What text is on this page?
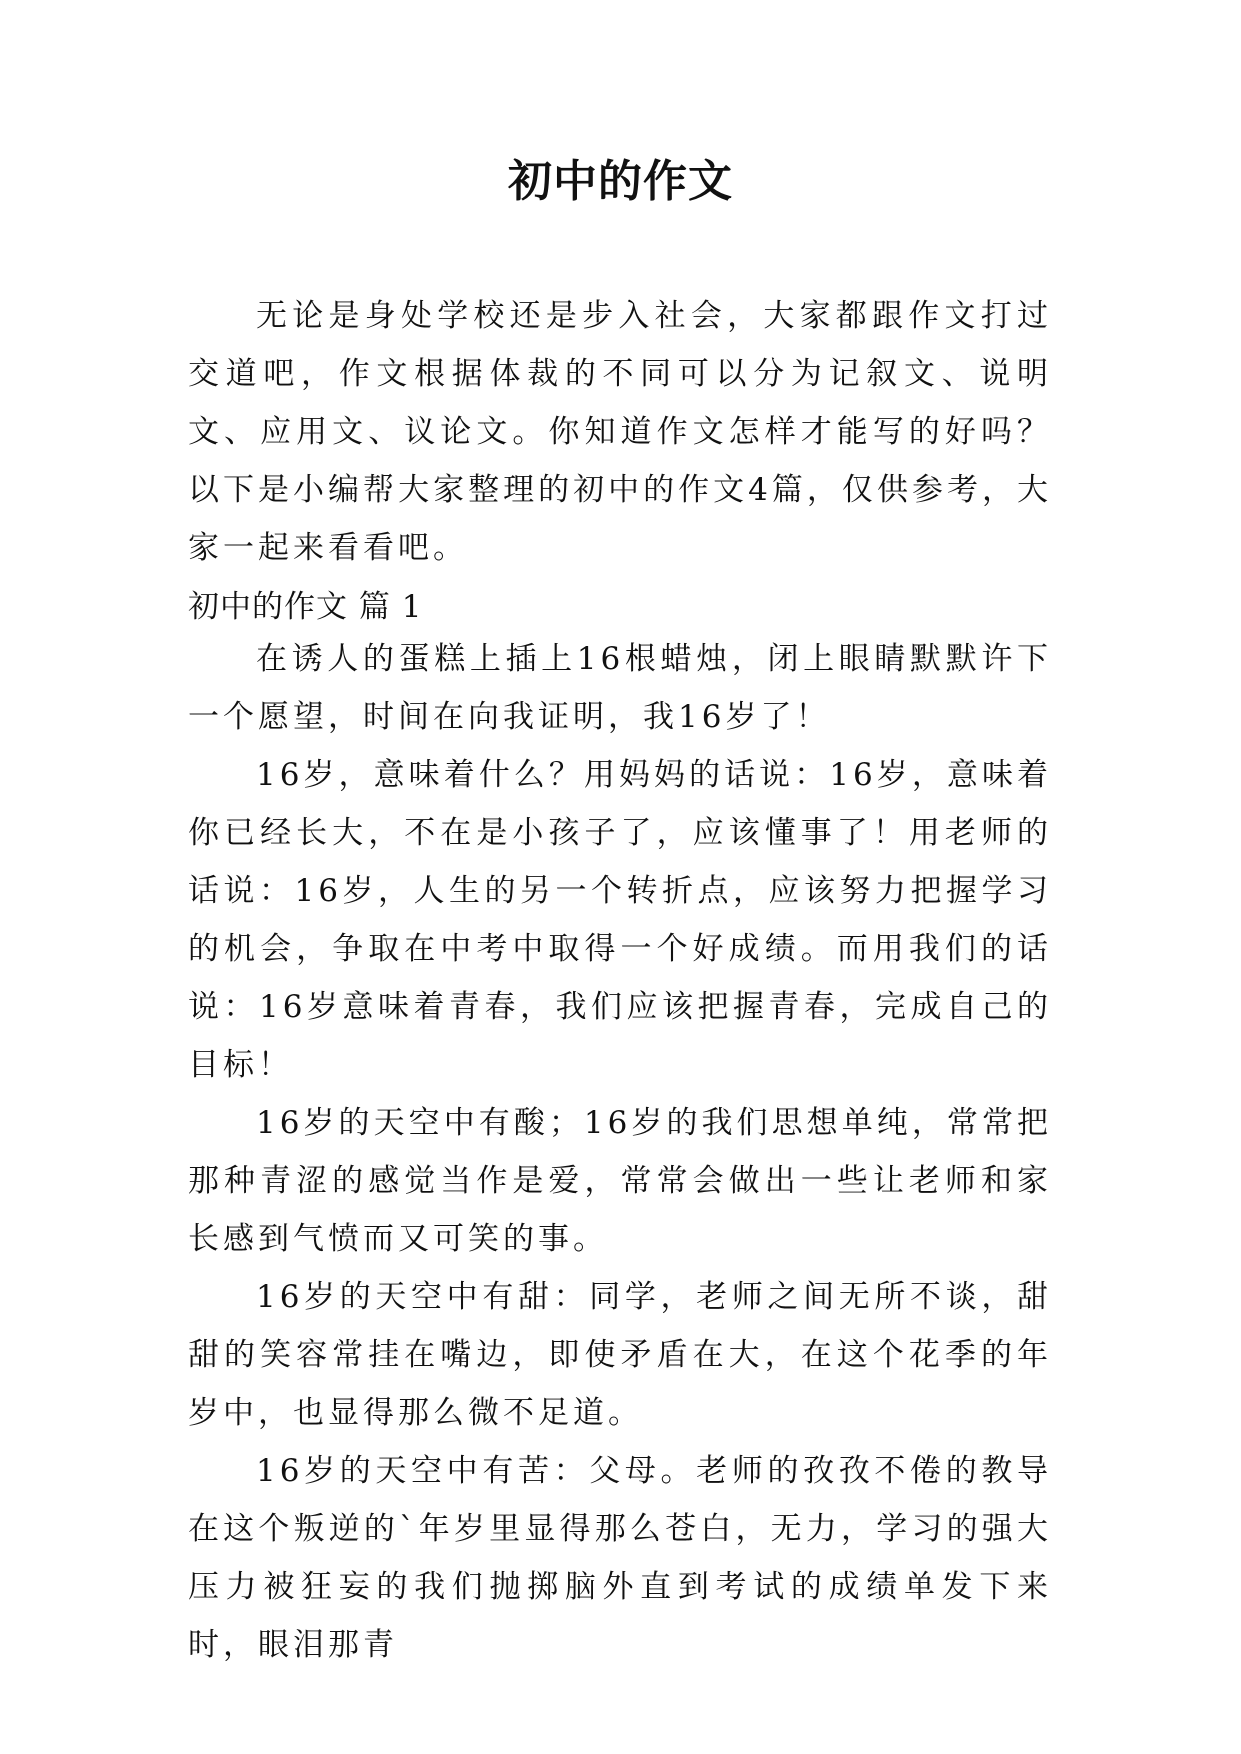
初中的作文
无论是身处学校还是步入社会，大家都跟作文打过交道吧，作文根据体裁的不同可以分为记叙文、说明文、应用文、议论文。你知道作文怎样才能写的好吗？以下是小编帮大家整理的初中的作文4篇，仅供参考，大家一起来看看吧。
初中的作文 篇 1

在诱人的蛋糕上插上16根蜡烛，闭上眼睛默默许下一个愿望，时间在向我证明，我16岁了！

16岁，意味着什么？用妈妈的话说：16岁，意味着你已经长大，不在是小孩子了，应该懂事了！用老师的话说：16岁，人生的另一个转折点，应该努力把握学习的机会，争取在中考中取得一个好成绩。而用我们的话说：16岁意味着青春，我们应该把握青春，完成自己的目标！

16岁的天空中有酸；16岁的我们思想单纯，常常把那种青涩的感觉当作是爱，常常会做出一些让老师和家长感到气愤而又可笑的事。

16岁的天空中有甜：同学，老师之间无所不谈，甜甜的笑容常挂在嘴边，即使矛盾在大，在这个花季的年岁中，也显得那么微不足道。

16岁的天空中有苦：父母。老师的孜孜不倦的教导在这个叛逆的`年岁里显得那么苍白，无力，学习的强大压力被狂妄的我们抛掷脑外直到考试的成绩单发下来时，眼泪那青
